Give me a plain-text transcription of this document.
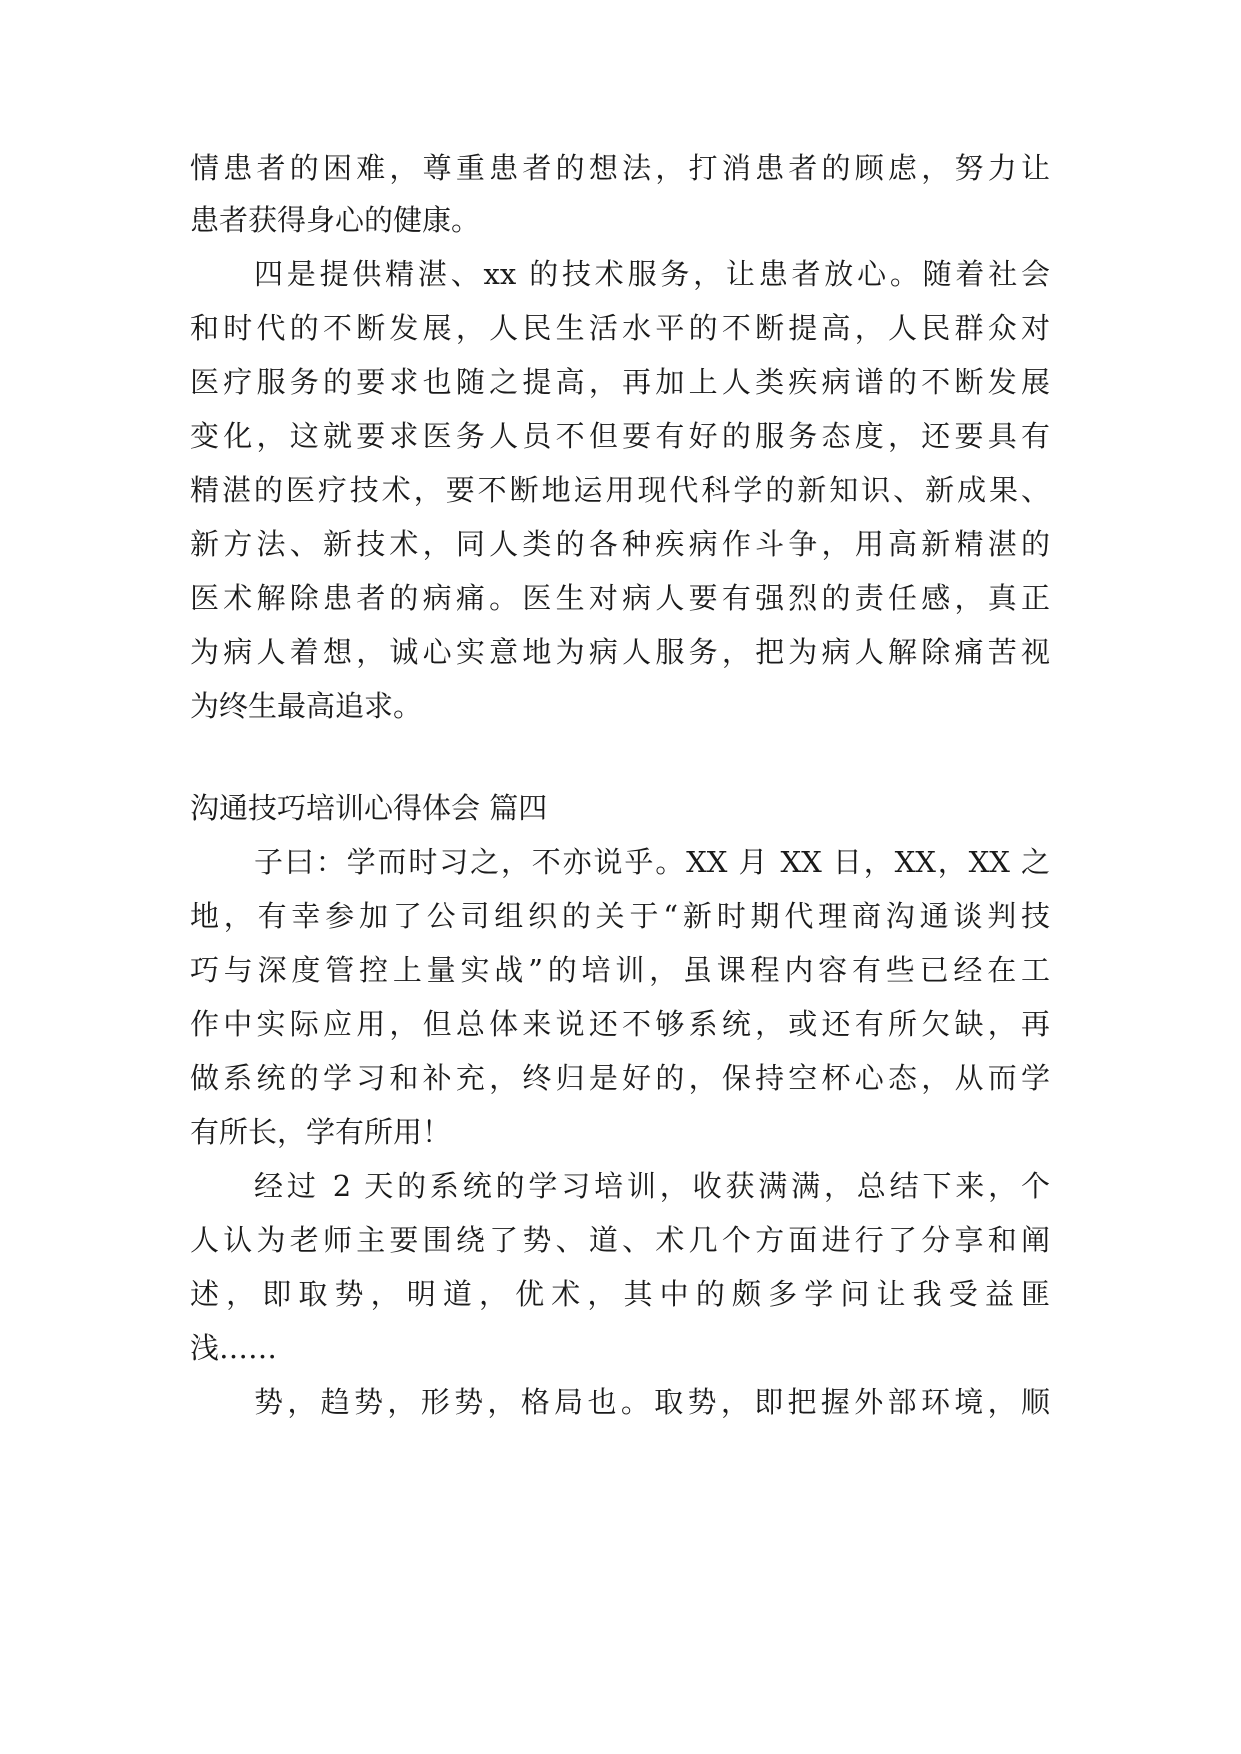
情患者的困难，尊重患者的想法，打消患者的顾虑，努力让
患者获得身心的健康。
四是提供精湛、xx 的技术服务，让患者放心。随着社会
和时代的不断发展，人民生活水平的不断提高，人民群众对
医疗服务的要求也随之提高，再加上人类疾病谱的不断发展
变化，这就要求医务人员不但要有好的服务态度，还要具有
精湛的医疗技术，要不断地运用现代科学的新知识、新成果、
新方法、新技术，同人类的各种疾病作斗争，用高新精湛的
医术解除患者的病痛。医生对病人要有强烈的责任感，真正
为病人着想，诚心实意地为病人服务，把为病人解除痛苦视
为终生最高追求。
沟通技巧培训心得体会 篇四
子曰：学而时习之，不亦说乎。XX 月 XX 日，XX，XX 之
地，有幸参加了公司组织的关于“新时期代理商沟通谈判技
巧与深度管控上量实战”的培训，虽课程内容有些已经在工
作中实际应用，但总体来说还不够系统，或还有所欠缺，再
做系统的学习和补充，终归是好的，保持空杯心态，从而学
有所长，学有所用！
经过 2 天的系统的学习培训，收获满满，总结下来，个
人认为老师主要围绕了势、道、术几个方面进行了分享和阐
述，即取势，明道，优术，其中的颇多学问让我受益匪
浅……
势，趋势，形势，格局也。取势，即把握外部环境，顺
